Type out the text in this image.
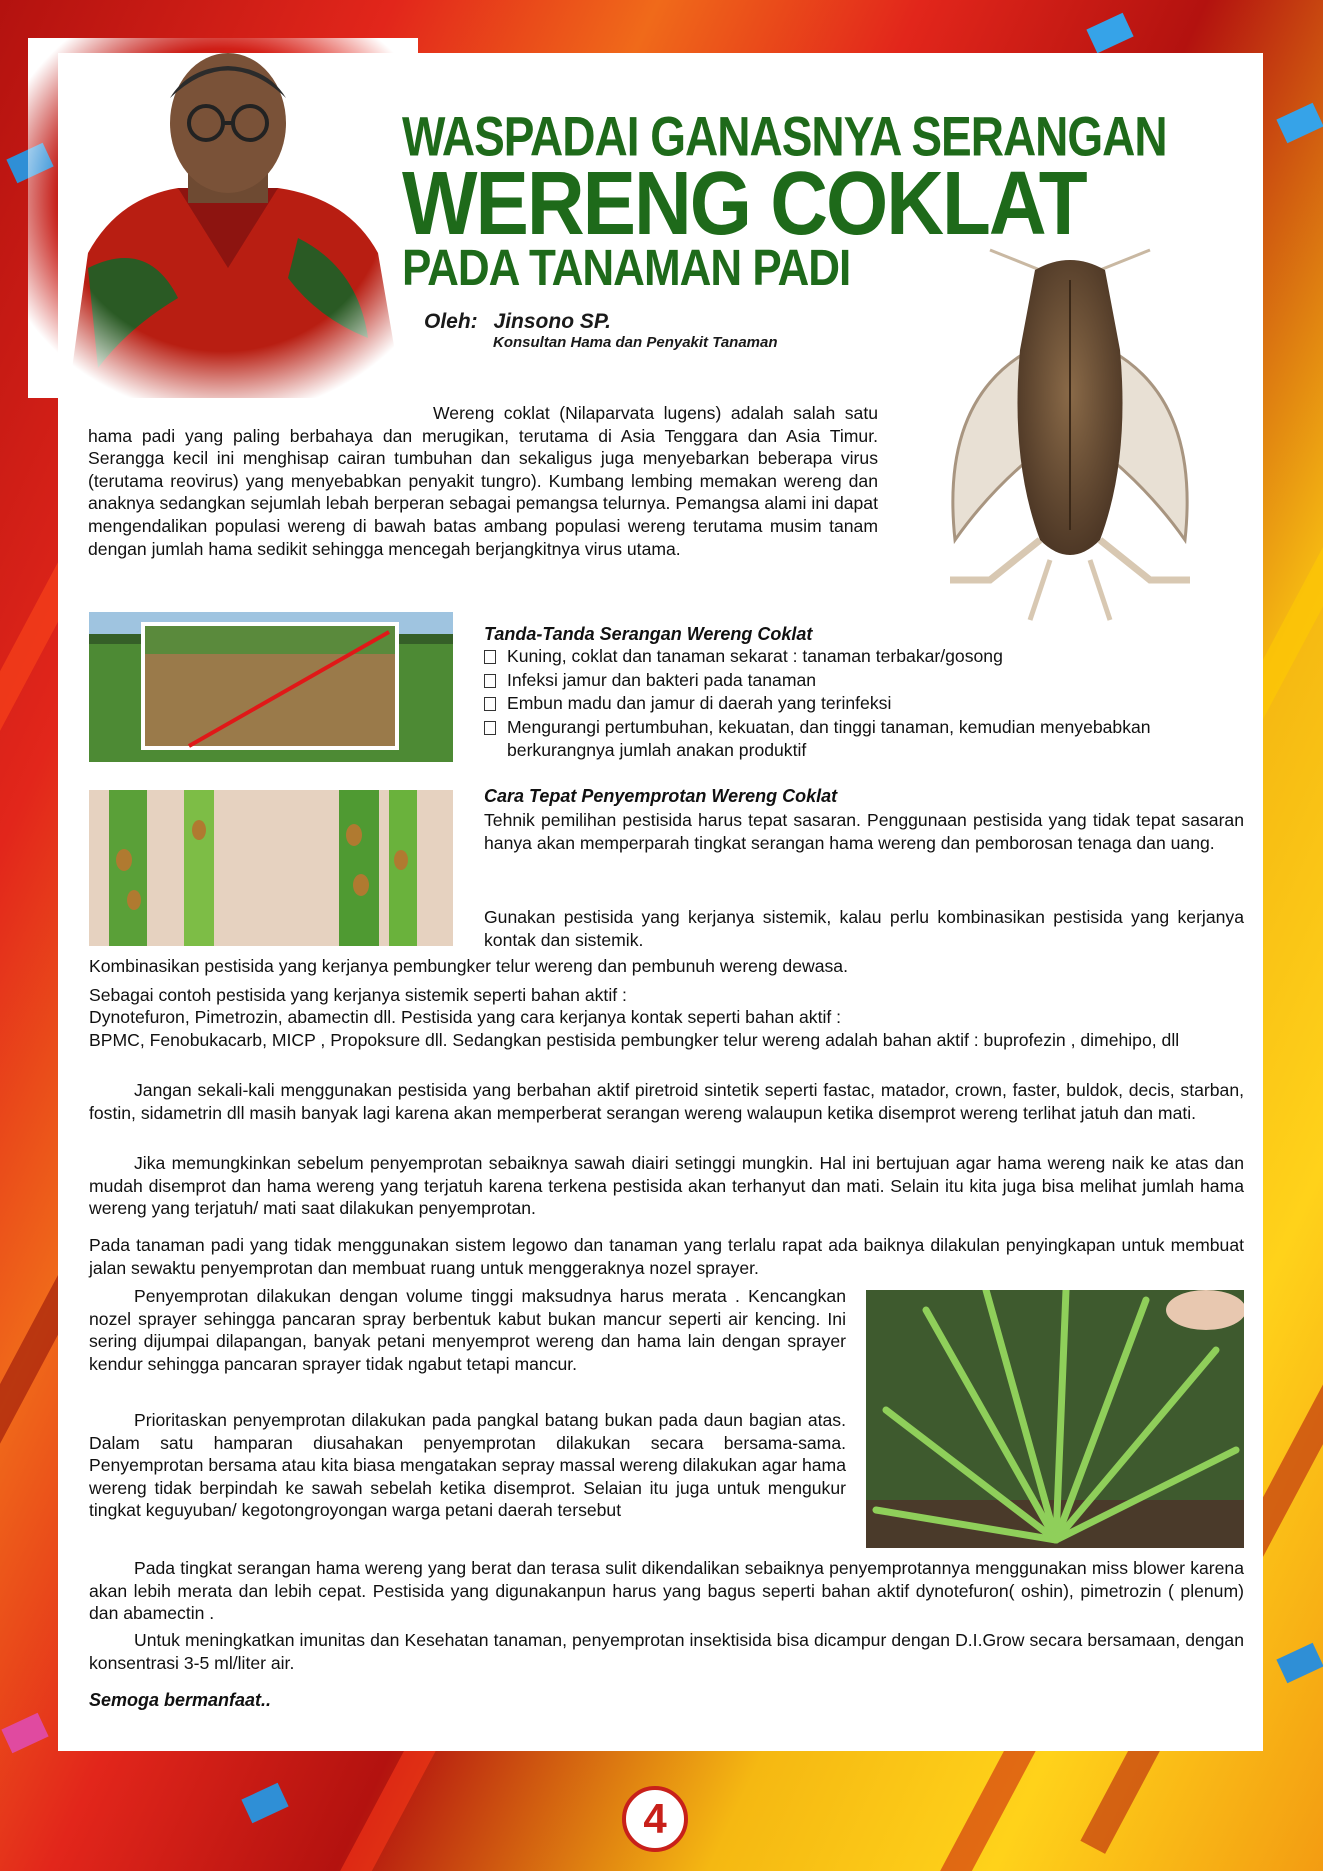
WASPADAI GANASNYA SERANGAN
WERENG COKLAT
PADA TANAMAN PADI
Oleh: Jinsono SP.
Konsultan Hama dan Penyakit Tanaman

Wereng coklat (Nilaparvata lugens) adalah salah satu hama padi yang paling berbahaya dan merugikan, terutama di Asia Tenggara dan Asia Timur. Serangga kecil ini menghisap cairan tumbuhan dan sekaligus juga menyebarkan beberapa virus (terutama reovirus) yang menyebabkan penyakit tungro). Kumbang lembing memakan wereng dan anaknya sedangkan sejumlah lebah berperan sebagai pemangsa telurnya. Pemangsa alami ini dapat mengendalikan populasi wereng di bawah batas ambang populasi wereng terutama musim tanam dengan jumlah hama sedikit sehingga mencegah berjangkitnya virus utama.

Tanda-Tanda Serangan Wereng Coklat
Kuning, coklat dan tanaman sekarat : tanaman terbakar/gosong
Infeksi jamur dan bakteri pada tanaman
Embun madu dan jamur di daerah yang terinfeksi
Mengurangi pertumbuhan, kekuatan, dan tinggi tanaman, kemudian menyebabkan berkurangnya jumlah anakan produktif
Cara Tepat Penyemprotan Wereng Coklat

Tehnik pemilihan pestisida harus tepat sasaran. Penggunaan pestisida yang tidak tepat sasaran hanya akan memperparah tingkat serangan hama wereng dan pemborosan tenaga dan uang.

Gunakan pestisida yang kerjanya sistemik, kalau perlu kombinasikan pestisida yang kerjanya kontak dan sistemik.

Kombinasikan pestisida yang kerjanya pembungker telur wereng dan pembunuh wereng dewasa.

Sebagai contoh pestisida yang kerjanya sistemik seperti bahan aktif :

Dynotefuron, Pimetrozin, abamectin dll. Pestisida yang cara kerjanya kontak seperti bahan aktif :

BPMC, Fenobukacarb, MICP , Propoksure dll. Sedangkan pestisida pembungker telur wereng adalah bahan aktif : buprofezin , dimehipo, dll

Jangan sekali-kali menggunakan pestisida yang berbahan aktif piretroid sintetik seperti fastac, matador, crown, faster, buldok, decis, starban, fostin, sidametrin dll masih banyak lagi karena akan memperberat serangan wereng walaupun ketika disemprot wereng terlihat jatuh dan mati.

Jika memungkinkan sebelum penyemprotan sebaiknya sawah diairi setinggi mungkin. Hal ini bertujuan agar hama wereng naik ke atas dan mudah disemprot dan hama wereng yang terjatuh karena terkena pestisida akan terhanyut dan mati. Selain itu kita juga bisa melihat jumlah hama wereng yang terjatuh/ mati saat dilakukan penyemprotan.

Pada tanaman padi yang tidak menggunakan sistem legowo dan tanaman yang terlalu rapat ada baiknya dilakulan penyingkapan untuk membuat jalan sewaktu penyemprotan dan membuat ruang untuk menggeraknya nozel sprayer.

Penyemprotan dilakukan dengan volume tinggi maksudnya harus merata . Kencangkan nozel sprayer sehingga pancaran spray berbentuk kabut bukan mancur seperti air kencing. Ini sering dijumpai dilapangan, banyak petani menyemprot wereng dan hama lain dengan sprayer kendur sehingga pancaran sprayer tidak ngabut tetapi mancur.

Prioritaskan penyemprotan dilakukan pada pangkal batang bukan pada daun bagian atas. Dalam satu hamparan diusahakan penyemprotan dilakukan secara bersama-sama. Penyemprotan bersama atau kita biasa mengatakan sepray massal wereng dilakukan agar hama wereng tidak berpindah ke sawah sebelah ketika disemprot. Selaian itu juga untuk mengukur tingkat keguyuban/ kegotongroyongan warga petani daerah tersebut

Pada tingkat serangan hama wereng yang berat dan terasa sulit dikendalikan sebaiknya penyemprotannya menggunakan miss blower karena akan lebih merata dan lebih cepat. Pestisida yang digunakanpun harus yang bagus seperti bahan aktif dynotefuron( oshin), pimetrozin ( plenum) dan abamectin .

Untuk meningkatkan imunitas dan Kesehatan tanaman, penyemprotan insektisida bisa dicampur dengan D.I.Grow secara bersamaan, dengan konsentrasi 3-5 ml/liter air.

Semoga bermanfaat..

4
